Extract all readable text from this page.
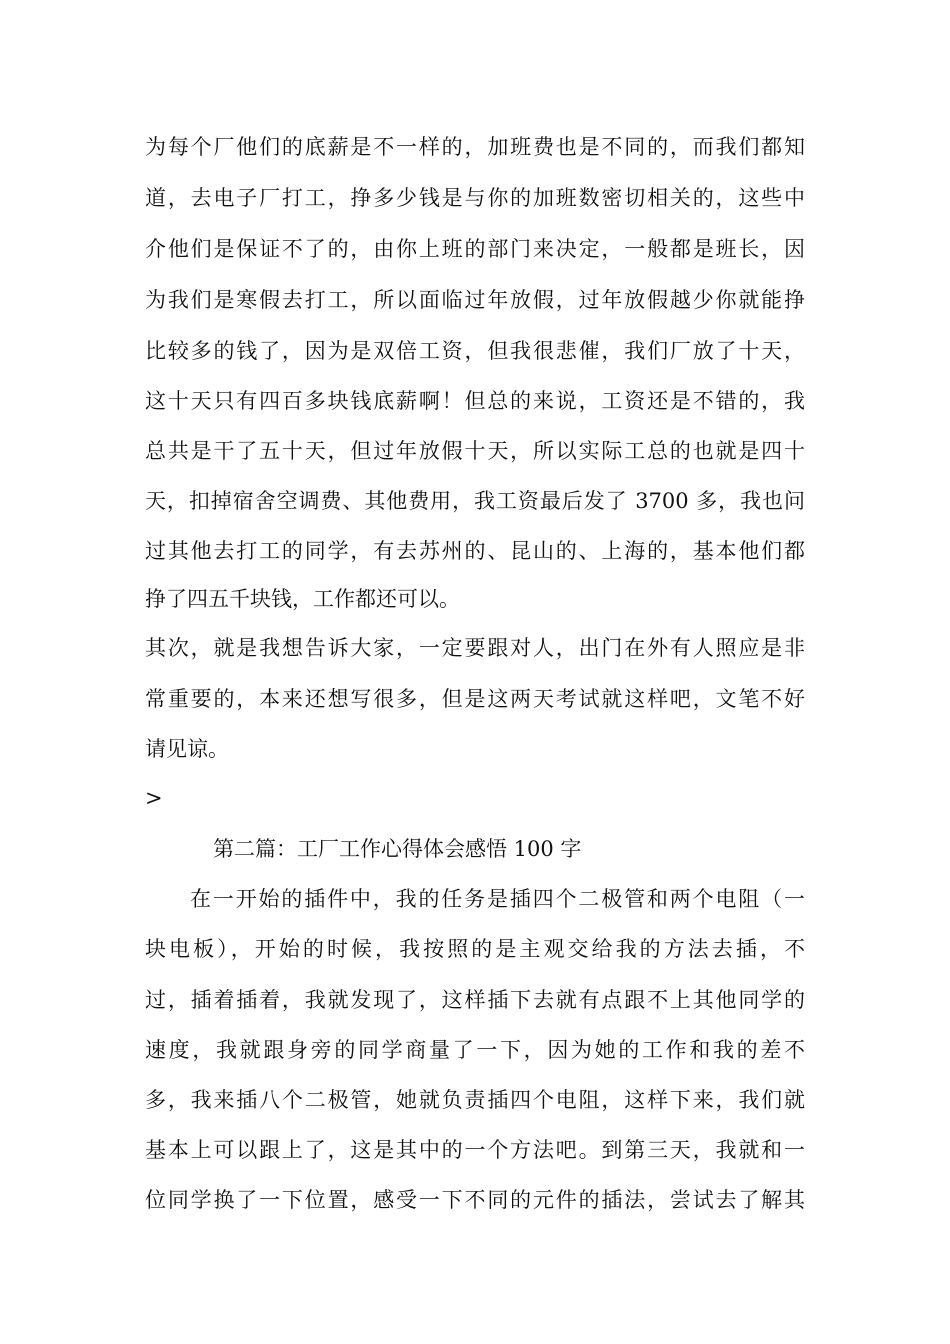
为每个厂他们的底薪是不一样的，加班费也是不同的，而我们都知
道，去电子厂打工，挣多少钱是与你的加班数密切相关的，这些中
介他们是保证不了的，由你上班的部门来决定，一般都是班长，因
为我们是寒假去打工，所以面临过年放假，过年放假越少你就能挣
比较多的钱了，因为是双倍工资，但我很悲催，我们厂放了十天，
这十天只有四百多块钱底薪啊！但总的来说，工资还是不错的，我
总共是干了五十天，但过年放假十天，所以实际工总的也就是四十
天，扣掉宿舍空调费、其他费用，我工资最后发了 3700 多，我也问
过其他去打工的同学，有去苏州的、昆山的、上海的，基本他们都
挣了四五千块钱，工作都还可以。
其次，就是我想告诉大家，一定要跟对人，出门在外有人照应是非
常重要的，本来还想写很多，但是这两天考试就这样吧，文笔不好
请见谅。
>
第二篇：工厂工作心得体会感悟 100 字
在一开始的插件中，我的任务是插四个二极管和两个电阻（一
块电板），开始的时候，我按照的是主观交给我的方法去插，不
过，插着插着，我就发现了，这样插下去就有点跟不上其他同学的
速度，我就跟身旁的同学商量了一下，因为她的工作和我的差不
多，我来插八个二极管，她就负责插四个电阻，这样下来，我们就
基本上可以跟上了，这是其中的一个方法吧。到第三天，我就和一
位同学换了一下位置，感受一下不同的元件的插法，尝试去了解其
